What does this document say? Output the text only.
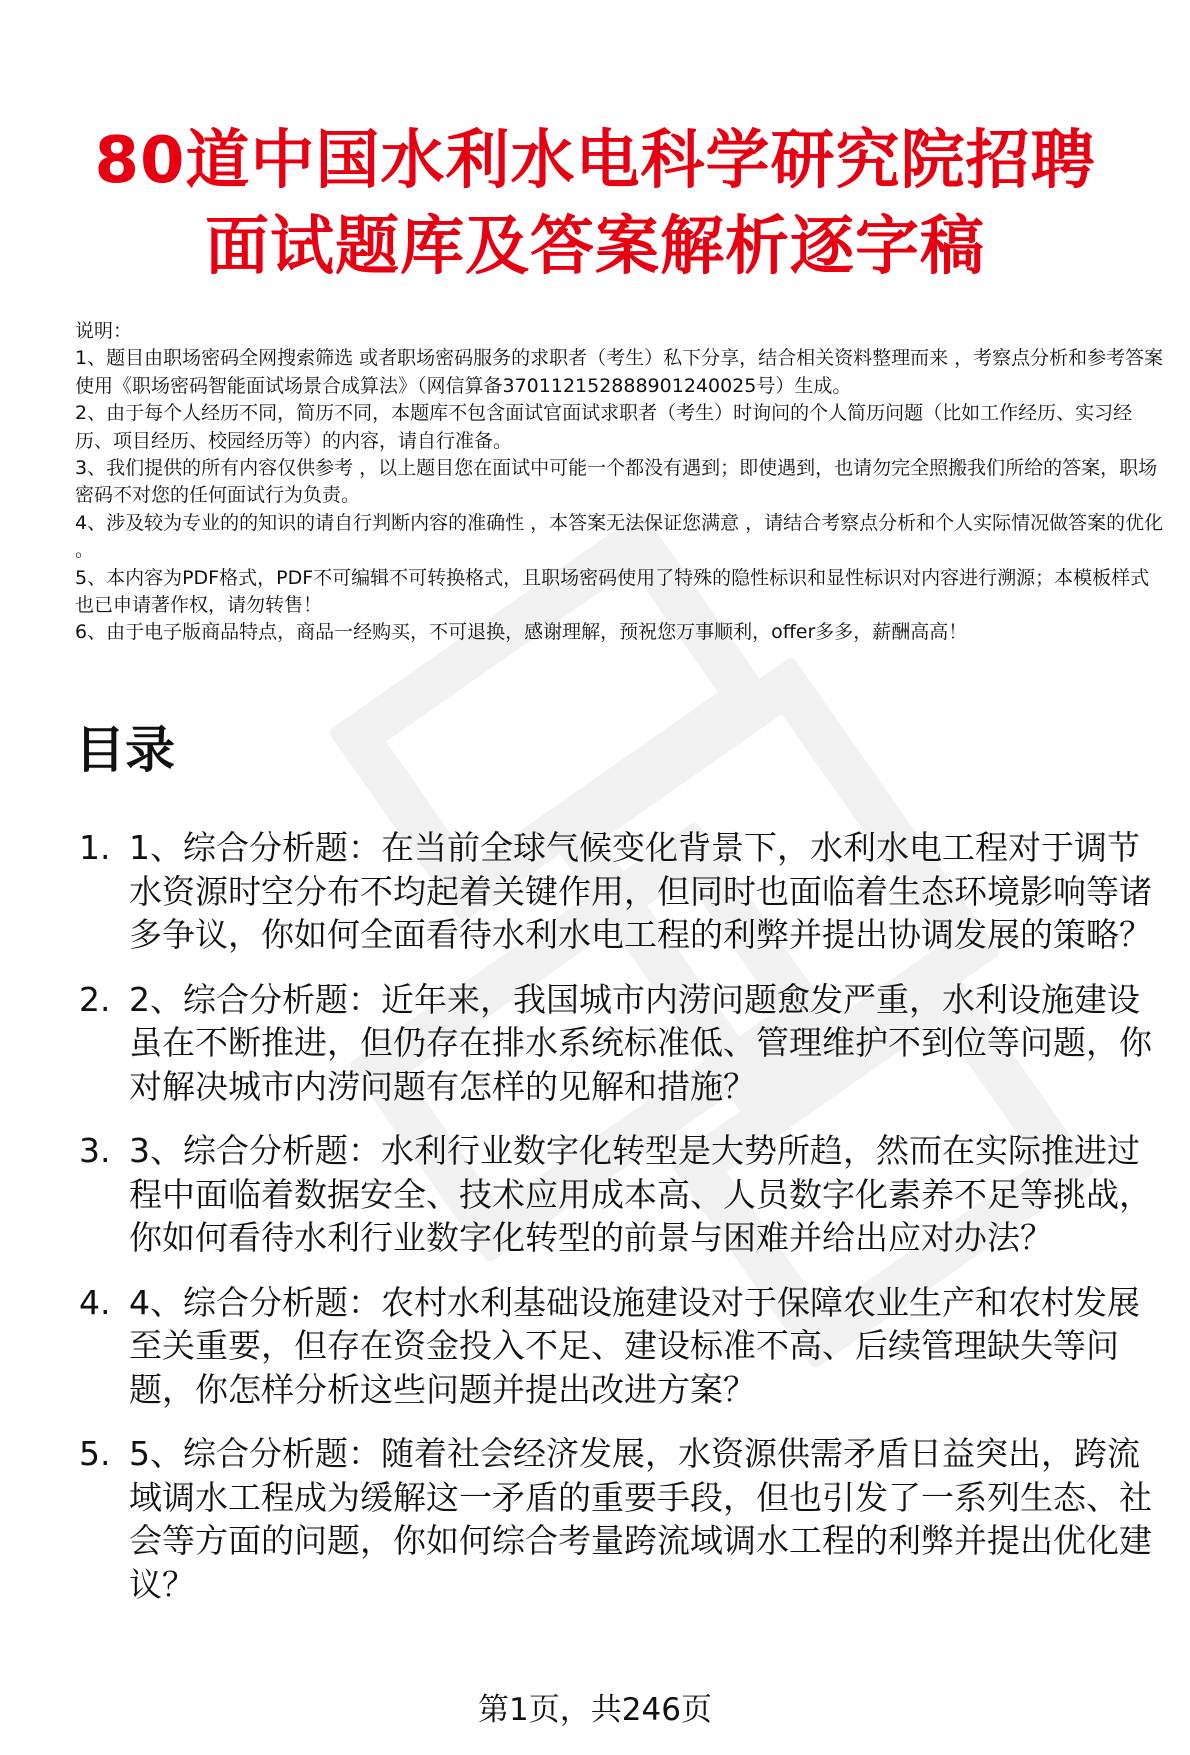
80道中国水利水电科学研究院招聘
面试题库及答案解析逐字稿
说明：
1、题目由职场密码全网搜索筛选 或者职场密码服务的求职者（考生）私下分享，结合相关资料整理而来 ，考察点分析和参考答案使用《职场密码智能面试场景合成算法》（网信算备370112152888901240025号）生成。
2、由于每个人经历不同，简历不同，本题库不包含面试官面试求职者（考生）时询问的个人简历问题（比如工作经历、实习经历、项目经历、校园经历等）的内容，请自行准备。
3、我们提供的所有内容仅供参考 ，以上题目您在面试中可能一个都没有遇到；即使遇到，也请勿完全照搬我们所给的答案，职场密码不对您的任何面试行为负责。
4、涉及较为专业的的知识的请自行判断内容的准确性 ，本答案无法保证您满意 ，请结合考察点分析和个人实际情况做答案的优化 。
5、本内容为PDF格式，PDF不可编辑不可转换格式，且职场密码使用了特殊的隐性标识和显性标识对内容进行溯源；本模板样式也已申请著作权，请勿转售！
6、由于电子版商品特点，商品一经购买，不可退换，感谢理解，预祝您万事顺利，offer多多，薪酬高高！
目录
1. 1、综合分析题：在当前全球气候变化背景下，水利水电工程对于调节水资源时空分布不均起着关键作用，但同时也面临着生态环境影响等诸多争议，你如何全面看待水利水电工程的利弊并提出协调发展的策略？
2. 2、综合分析题：近年来，我国城市内涝问题愈发严重，水利设施建设虽在不断推进，但仍存在排水系统标准低、管理维护不到位等问题，你对解决城市内涝问题有怎样的见解和措施？
3. 3、综合分析题：水利行业数字化转型是大势所趋，然而在实际推进过程中面临着数据安全、技术应用成本高、人员数字化素养不足等挑战，你如何看待水利行业数字化转型的前景与困难并给出应对办法？
4. 4、综合分析题：农村水利基础设施建设对于保障农业生产和农村发展至关重要，但存在资金投入不足、建设标准不高、后续管理缺失等问题，你怎样分析这些问题并提出改进方案？
5. 5、综合分析题：随着社会经济发展，水资源供需矛盾日益突出，跨流域调水工程成为缓解这一矛盾的重要手段，但也引发了一系列生态、社会等方面的问题，你如何综合考量跨流域调水工程的利弊并提出优化建议？
第1页，共246页
